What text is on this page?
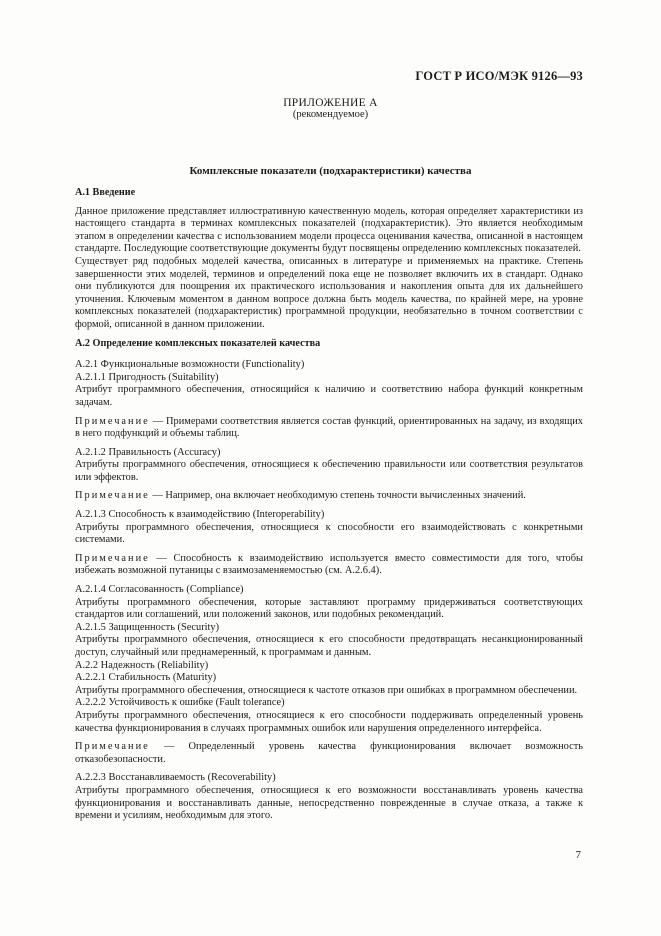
ГОСТ Р ИСО/МЭК 9126—93
ПРИЛОЖЕНИЕ А
(рекомендуемое)
Комплексные показатели (подхарактеристики) качества

А.1 Введение

Данное приложение представляет иллюстративную качественную модель, которая определяет характеристики из настоящего стандарта в терминах комплексных показателей (подхарактеристик). Это является необходимым этапом в определении качества с использованием модели процесса оценивания качества, описанной в настоящем стандарте. Последующие соответствующие документы будут посвящены определению комплексных показателей.

Существует ряд подобных моделей качества, описанных в литературе и применяемых на практике. Степень завершенности этих моделей, терминов и определений пока еще не позволяет включить их в стандарт. Однако они публикуются для поощрения их практического использования и накопления опыта для их дальнейшего уточнения. Ключевым моментом в данном вопросе должна быть модель качества, по крайней мере, на уровне комплексных показателей (подхарактеристик) программной продукции, необязательно в точном соответствии с формой, описанной в данном приложении.

А.2 Определение комплексных показателей качества

А.2.1 Функциональные возможности (Functionality)

А.2.1.1 Пригодность (Suitability)

Атрибут программного обеспечения, относящийся к наличию и соответствию набора функций конкретным задачам.

Примечание — Примерами соответствия является состав функций, ориентированных на задачу, из входящих в него подфункций и объемы таблиц.

А.2.1.2 Правильность (Accuracy)

Атрибуты программного обеспечения, относящиеся к обеспечению правильности или соответствия результатов или эффектов.

Примечание — Например, она включает необходимую степень точности вычисленных значений.

А.2.1.3 Способность к взаимодействию (Interoperability)

Атрибуты программного обеспечения, относящиеся к способности его взаимодействовать с конкретными системами.

Примечание — Способность к взаимодействию используется вместо совместимости для того, чтобы избежать возможной путаницы с взаимозаменяемостью (см. А.2.6.4).

А.2.1.4 Согласованность (Compliance)

Атрибуты программного обеспечения, которые заставляют программу придерживаться соответствующих стандартов или соглашений, или положений законов, или подобных рекомендаций.

А.2.1.5 Защищенность (Security)

Атрибуты программного обеспечения, относящиеся к его способности предотвращать несанкционированный доступ, случайный или преднамеренный, к программам и данным.

А.2.2 Надежность (Reliability)

А.2.2.1 Стабильность (Maturity)

Атрибуты программного обеспечения, относящиеся к частоте отказов при ошибках в программном обеспечении.

А.2.2.2 Устойчивость к ошибке (Fault tolerance)

Атрибуты программного обеспечения, относящиеся к его способности поддерживать определенный уровень качества функционирования в случаях программных ошибок или нарушения определенного интерфейса.

Примечание — Определенный уровень качества функционирования включает возможность отказобезопасности.

А.2.2.3 Восстанавливаемость (Recoverability)

Атрибуты программного обеспечения, относящиеся к его возможности восстанавливать уровень качества функционирования и восстанавливать данные, непосредственно поврежденные в случае отказа, а также к времени и усилиям, необходимым для этого.

7
